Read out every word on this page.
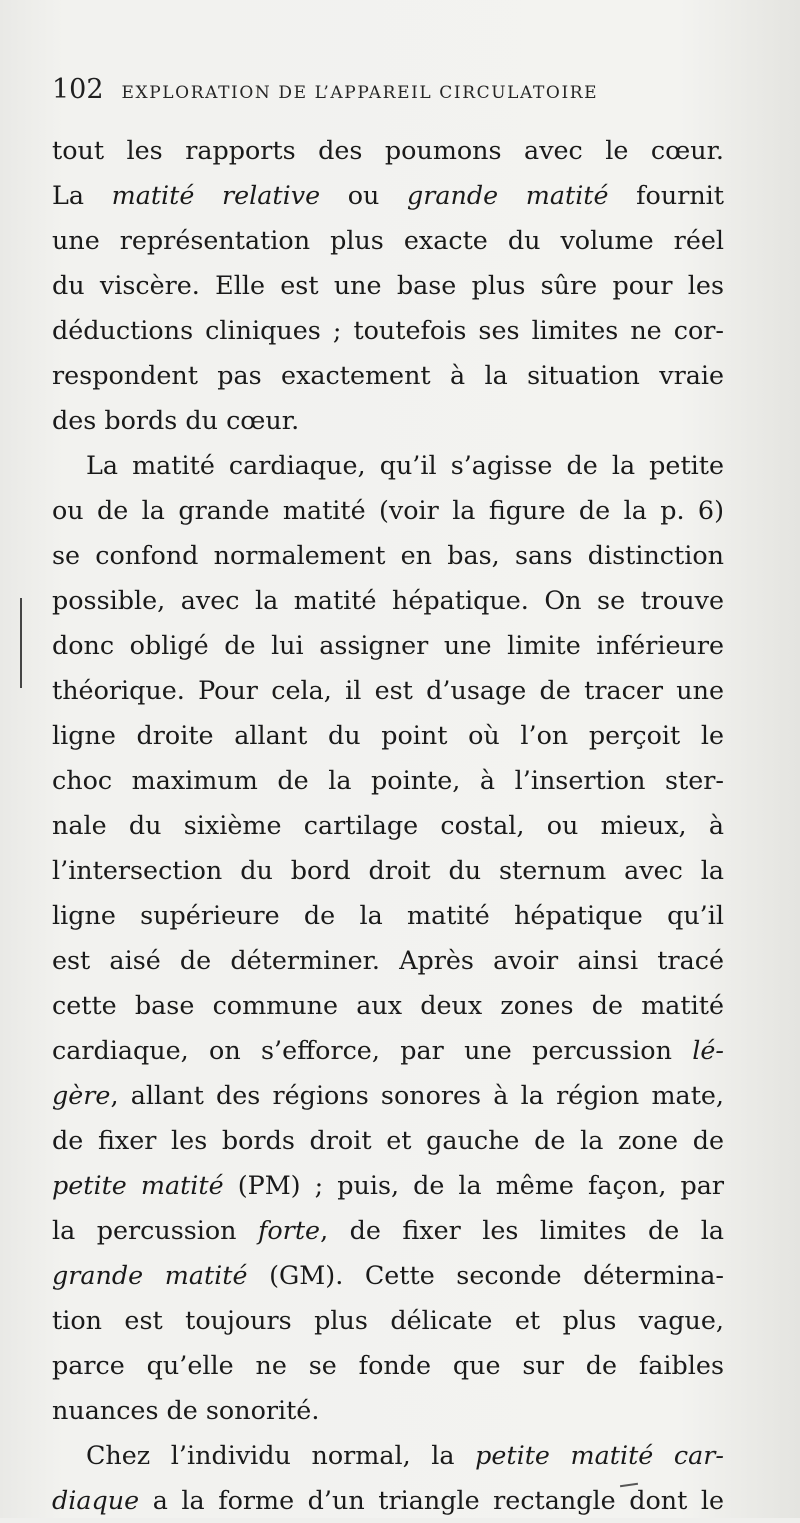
102 EXPLORATION DE L’APPAREIL CIRCULATOIRE
tout les rapports des poumons avec le cœur.
La matité relative ou grande matité fournit
une représentation plus exacte du volume réel
du viscère. Elle est une base plus sûre pour les
déductions cliniques ; toutefois ses limites ne cor-
respondent pas exactement à la situation vraie
des bords du cœur.
La matité cardiaque, qu’il s’agisse de la petite
ou de la grande matité (voir la figure de la p. 6)
se confond normalement en bas, sans distinction
possible, avec la matité hépatique. On se trouve
donc obligé de lui assigner une limite inférieure
théorique. Pour cela, il est d’usage de tracer une
ligne droite allant du point où l’on perçoit le
choc maximum de la pointe, à l’insertion ster-
nale du sixième cartilage costal, ou mieux, à
l’intersection du bord droit du sternum avec la
ligne supérieure de la matité hépatique qu’il
est aisé de déterminer. Après avoir ainsi tracé
cette base commune aux deux zones de matité
cardiaque, on s’efforce, par une percussion lé-
gère, allant des régions sonores à la région mate,
de fixer les bords droit et gauche de la zone de
petite matité (PM) ; puis, de la même façon, par
la percussion forte, de fixer les limites de la
grande matité (GM). Cette seconde détermina-
tion est toujours plus délicate et plus vague,
parce qu’elle ne se fonde que sur de faibles
nuances de sonorité.
Chez l’individu normal, la petite matité car-
diaque a la forme d’un triangle rectangle dont le
